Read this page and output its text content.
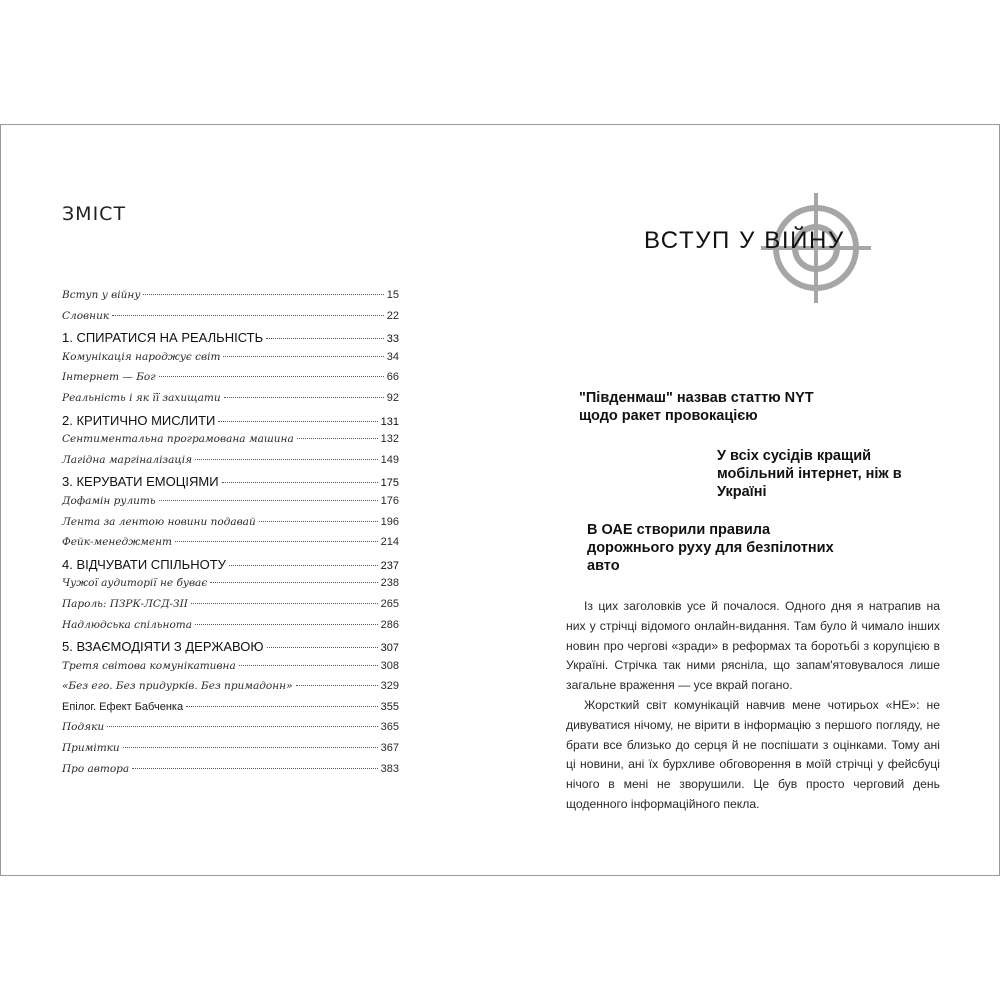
ЗМІСТ
Вступ у війну	15
Словник	22
1. СПИРАТИСЯ НА РЕАЛЬНІСТЬ	33
Комунікація народжує світ	34
Інтернет — Бог	66
Реальність і як її захищати	92
2. КРИТИЧНО МИСЛИТИ	131
Сентиментальна програмована машина	132
Лагідна маргіналізація	149
3. КЕРУВАТИ ЕМОЦІЯМИ	175
Дофамін рулить	176
Лента за лентою новини подавай	196
Фейк-менеджмент	214
4. ВІДЧУВАТИ СПІЛЬНОТУ	237
Чужої аудиторії не буває	238
Пароль: ПЗРК-ЛСД-ЗІІ	265
Надлюдська спільнота	286
5. ВЗАЄМОДІЯТИ З ДЕРЖАВОЮ	307
Третя світова комунікативна	308
«Без его. Без придурків. Без примадонн»	329
Епілог. Ефект Бабченка	355
Подяки	365
Примітки	367
Про автора	383
ВСТУП У ВІЙНУ

"Південмаш" назвав статтю NYT щодо ракет провокацією

У всіх сусідів кращий мобільний інтернет, ніж в Україні

В ОАЕ створили правила дорожнього руху для безпілотних авто

Із цих заголовків усе й почалося. Одного дня я натрапив на них у стрічці відомого онлайн-видання. Там було й чимало інших новин про чергові «зради» в реформах та боротьбі з корупцією в Україні. Стрічка так ними рясніла, що запам'ятовувалося лише загальне враження — усе вкрай погано.

Жорсткий світ комунікацій навчив мене чотирьох «НЕ»: не дивуватися нічому, не вірити в інформацію з першого погляду, не брати все близько до серця й не поспішати з оцінками. Тому ані ці новини, ані їх бурхливе обговорення в моїй стрічці у фейсбуці нічого в мені не зворушили. Це був просто черговий день щоденного інформаційного пекла.
